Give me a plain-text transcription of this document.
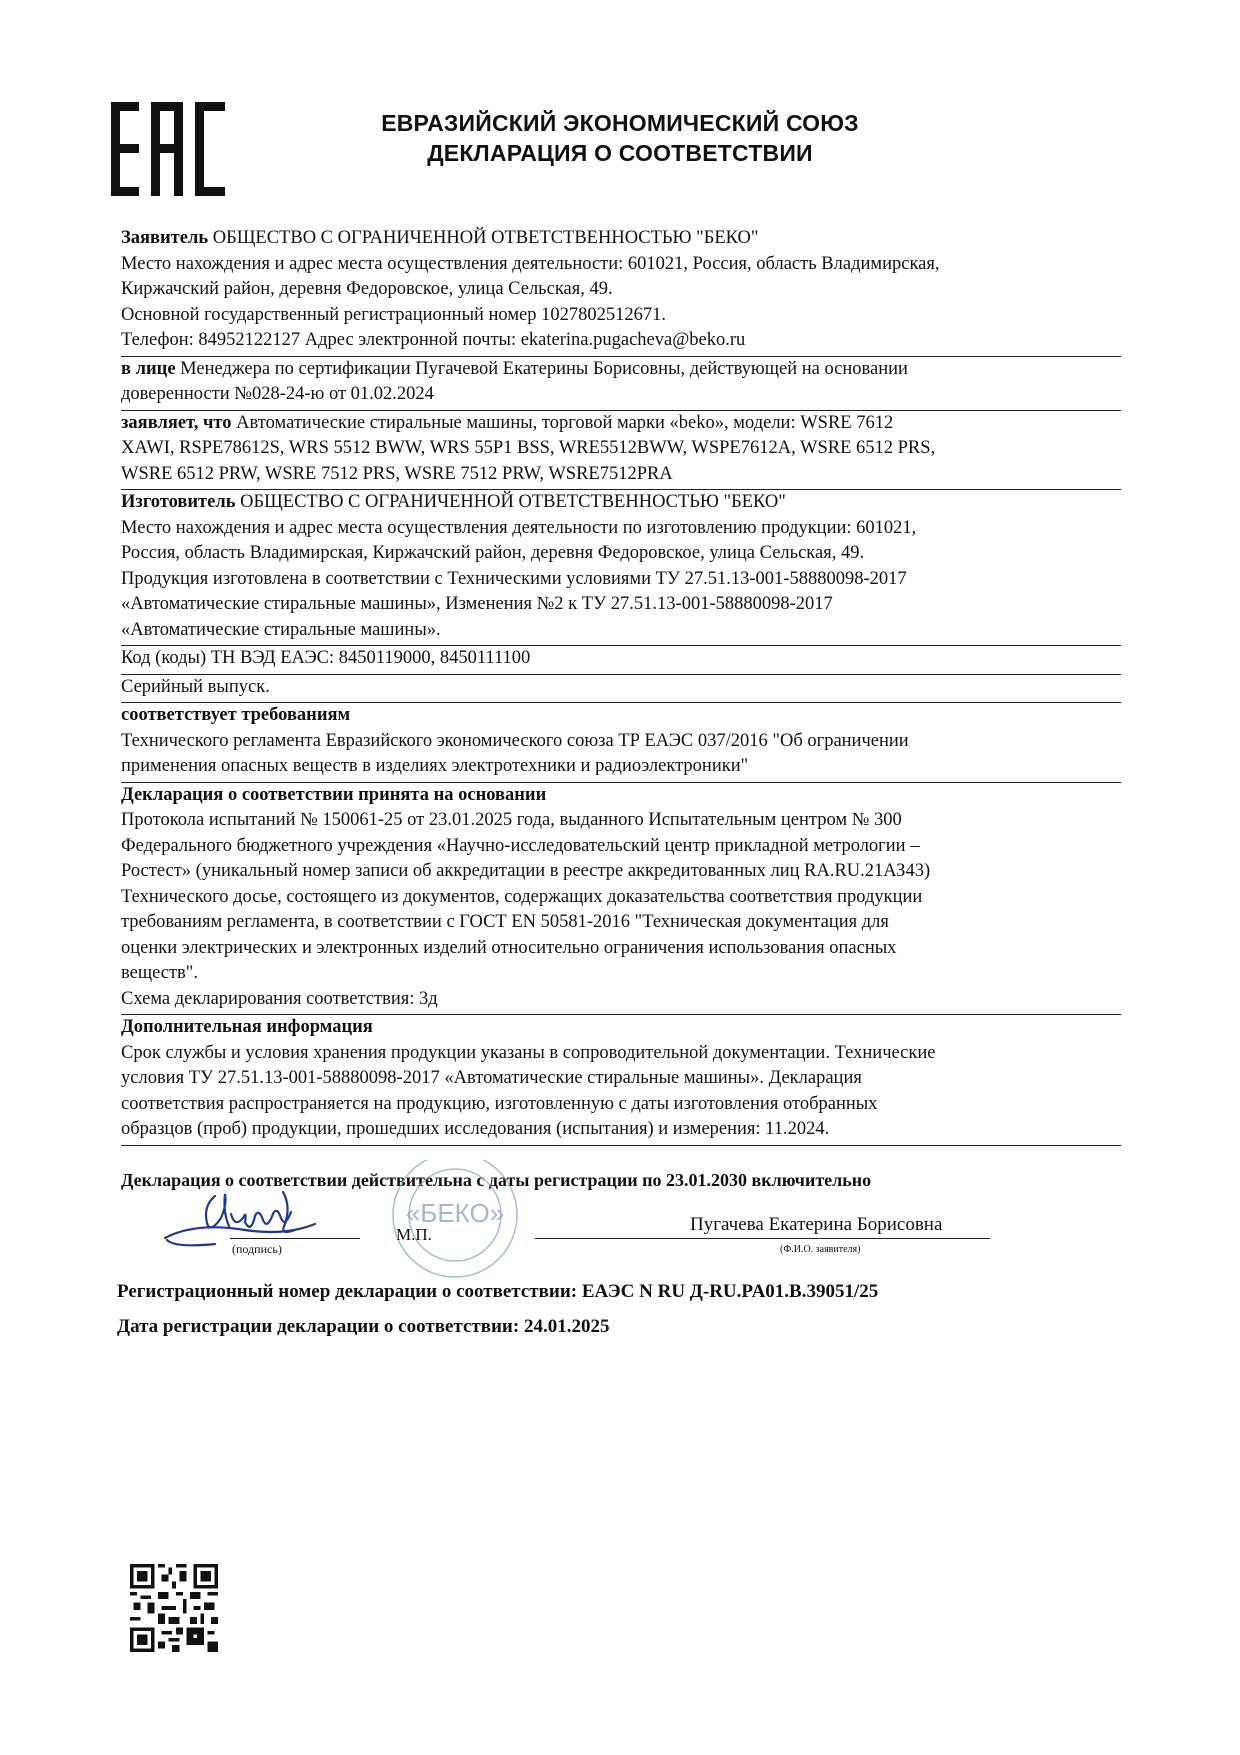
ЕВРАЗИЙСКИЙ ЭКОНОМИЧЕСКИЙ СОЮЗ
ДЕКЛАРАЦИЯ О СООТВЕТСТВИИ
Заявитель ОБЩЕСТВО С ОГРАНИЧЕННОЙ ОТВЕТСТВЕННОСТЬЮ "БЕКО"
Место нахождения и адрес места осуществления деятельности: 601021, Россия, область Владимирская,
Киржачский район, деревня Федоровское, улица Сельская, 49.
Основной государственный регистрационный номер 1027802512671.
Телефон: 84952122127 Адрес электронной почты: ekaterina.pugacheva@beko.ru
в лице Менеджера по сертификации Пугачевой Екатерины Борисовны, действующей на основании
доверенности №028-24-ю от 01.02.2024
заявляет, что Автоматические стиральные машины, торговой марки «beko», модели: WSRE 7612
XAWI, RSPE78612S, WRS 5512 BWW, WRS 55P1 BSS, WRE5512BWW, WSPE7612A, WSRE 6512 PRS,
WSRE 6512 PRW, WSRE 7512 PRS, WSRE 7512 PRW, WSRE7512PRA
Изготовитель ОБЩЕСТВО С ОГРАНИЧЕННОЙ ОТВЕТСТВЕННОСТЬЮ "БЕКО"
Место нахождения и адрес места осуществления деятельности по изготовлению продукции: 601021,
Россия, область Владимирская, Киржачский район, деревня Федоровское, улица Сельская, 49.
Продукция изготовлена в соответствии с Техническими условиями ТУ 27.51.13-001-58880098-2017
«Автоматические стиральные машины», Изменения №2 к ТУ 27.51.13-001-58880098-2017
«Автоматические стиральные машины».
Код (коды) ТН ВЭД ЕАЭС: 8450119000, 8450111100
Серийный выпуск.
соответствует требованиям
Технического регламента Евразийского экономического союза ТР ЕАЭС 037/2016 "Об ограничении
применения опасных веществ в изделиях электротехники и радиоэлектроники"
Декларация о соответствии принята на основании
Протокола испытаний № 150061-25 от 23.01.2025 года, выданного Испытательным центром № 300
Федерального бюджетного учреждения «Научно-исследовательский центр прикладной метрологии –
Ростест» (уникальный номер записи об аккредитации в реестре аккредитованных лиц RA.RU.21АЗ43)
Технического досье, состоящего из документов, содержащих доказательства соответствия продукции
требованиям регламента, в соответствии с ГОСТ EN 50581-2016 "Техническая документация для
оценки электрических и электронных изделий относительно ограничения использования опасных
веществ".
Схема декларирования соответствия: 3д
Дополнительная информация
Срок службы и условия хранения продукции указаны в сопроводительной документации. Технические
условия ТУ 27.51.13-001-58880098-2017 «Автоматические стиральные машины». Декларация
соответствия распространяется на продукцию, изготовленную с даты изготовления отобранных
образцов (проб) продукции, прошедших исследования (испытания) и измерения: 11.2024.
Декларация о соответствии действительна с даты регистрации по 23.01.2030 включительно
«БЕКО»
(подпись)
М.П.	Пугачева Екатерина Борисовна
(Ф.И.О. заявителя)
Регистрационный номер декларации о соответствии: ЕАЭС N RU Д-RU.PA01.B.39051/25
Дата регистрации декларации о соответствии: 24.01.2025
